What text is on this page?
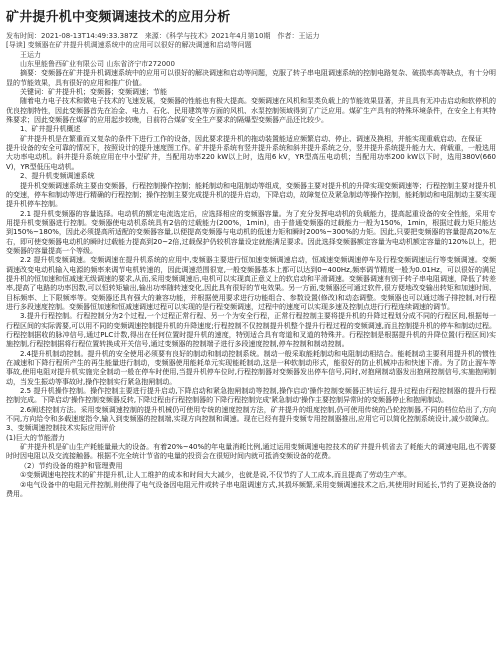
矿井提升机中变频调速技术的应用分析

发布时间：2021-08-13T14:49:33.387Z　来源：《科学与技术》2021年4月第10期　作者：王运力

[导读] 变频器在矿井提升机调速系统中的应用可以很好的解决调速和启动等问题

王运力

山东里能鲁西矿业有限公司 山东省济宁市272000

摘要：变频器在矿井提升机调速系统中的应用可以很好的解决调速和启动等问题，克服了转子串电阻调速系统的控制电路复杂、破损率高等缺点，有十分明显的节能效果，具有很好的应用和推广价值。

关键词：矿井提升机；变频器；变频调速；节能

随着电力电子技术和微电子技术的飞速发展，变频器的性能也有极大提高。变频调速在风机和泵类负载上的节能效果显著，并且具有无冲击启动和软停机的优良控制特性，因此变频器首先在冶金、电力、石化、民用建筑等方面的风机、水泵控制领域得到了广泛应用。煤矿生产具有的特殊环境条件，在安全上有其特殊要求；因此变频器在煤矿的应用起步较晚，目前符合煤矿安全生产要求的隔爆型变频器产品还比较少。

1、矿井提升机概述

矿井提升机是在繁重而又复杂的条件下进行工作的设备，因此要求提升机的拖动装置能适应频繁启动、停止、调速及换相，并能实现重载启动、在保证

提升设备的安全可靠的情况下，按照设计的提升速度图工作。矿井提升系统有竖井提升系统和斜井提升系统之分，竖井提升系统提升能力大、荷载重，一般选用大功率电动机。斜井提升系统应用在中小型矿井，当配用功率220 kW以上时，选用6 kV，YR型高压电动机；当配用功率200 kW以下时，选用380V(660 V)，YR型低压电动机。

2、提升机变频调速系统

提升机变频调速系统主要由变频器，行程控制操作控制；能耗制动和电阻制动等组成，变频器主要对提升机的升降实现变频调速等；行程控制主要对提升机的变速，停车和制动等进行精确的行程控制；操作控制主要完成提升机的提升启动，下降启动，故障复位及紧急制动等操作控制，能耗制动和电阻制动主要实现提升机停车控制。

2.1 提升机变频器的容量选择。电动机的额定电流选定后，应选择相应的变频器容量。为了充分发挥电动机的负载能力，提高起重设备的安全性能，采用专用提升机变频器进行控制。变频器使电动机系统具有2倍的过载能力(200%，1min)，由于普通变频器的过载能力一般为150%，1min，根据过载力矩只能达到150%~180%，因此必须提高所适配的变频器容量,以便提高变频器与电动机的低速力矩和瞬时200%~300%的力矩。因此,只要把变频器的容量提高20%左右，即可使变频器电动机的瞬时过载能力提高到20~2倍,过载保护仍较机容量设定就能满足要求。因此选择变频器额定容量为电动机额定容量的120%以上，把变频器的容量提高一个等级。

2.2 提升机变频调速。变频调速在提升机系统的应用中,变频器主要进行恒加速变频调速启动，恒减速变频调速停车及行程变频调速运行等变频调速。变频调速改变电动机输入电源的频率来调节电机转速的，因此调速范围很宽,一般变频器基本上都可以达到0~400Hz,频率调节精度一般为0.01Hz，可以很好的满足提升机的恒加速和恒减速无级调速的要求,从而,采用变频调速后,电机可以实现真正意义上的软启动和平滑调速。变频器调速有别于转子串电阻调速，降低了转差率,提高了电路的功率因数,可以恒转矩输出,输出功率随转速变化,因此具有很好的节电效果。另一方面,变频器还可通过软件,很方便地改变输出转矩和加速时间、目标频率、上下限频率等。变频器还具有强大的兼容功能，并根据使用要求进行功能组合、参数设置(修改)和动态调整。变频器也可以通过端子排控制,对行程进行多段速度控制。变频器恒加速和恒减速调速过程可以实现的是行程变频调速，过程中的速度可以实现多速及控制点进行行程连续调速的调节。

3.提升行程控制。行程控制分为2个过程,一个过程正常行程、另一个为安全行程，正常行程控制主要将提升机的升降过程划分成不同的行程区间,根据每一行程区间的实际需要,可以用不同的变频调速控制提升机的升降速度;行程控制不仅控制提升机整个提升行程过程的变频调速,而且控制提升机的停车和制动过程。行程控制据收的脉冲信号,通过PLC计数,得出在任何位置时提升机的速度，特别适合具有弯道和叉道的特殊并。行程控制是根据提升机的升降位置(行程区间)实施控制,行程控制据将行程位置转换成开关信号,通过变频器的控制端子进行多段速度控制,停车控制和制动控制。

2.4提升机制动控制。提升机的安全使用必须要有良好的制动和制动控制系统。制动一般采取能耗制动和电阻制动相结合。能耗制动主要利用提升机的惯性在减速和下降行程所产生的再生能量进行制动，变频器使用能耗单元实现能耗制动,这是一种软制动形式，能很好的防止机械冲击和快速下滑。为了防止溜车等事故,使用电阻对提升机实施完全制动一般在停车时使用,当提升机停车位时,行程控制器对变频器发出停车信号,同时,对抱闸制动器发出抱闸控制信号,实施抱闸制动，当发生振动等事故时,操作控制实行紧急抱闸制动。

2.5 提升机操作控制。操作控制主要进行提升启动,下降启动和紧急抱闸制动等控制,操作启动'操作控制变频器正转运行,提升过程由行程控制器的提升行程控制完成。下降启动'操作控制变频器反转,下降过程由行程控制器的下降行程控制完成'紧急制动'操作主要控制异常时的变频器停止和抱闸制动。

2.6阐述控制方法。采用变频调速控制的提升机械仍可使用专统的速度控制方法，矿井提升的组度控制,仍可使用传统的凸轮控制器,不同的档位给出了,方向不同,方向给令和多载速度指令,输入到变频器的控制端,实现方向控制和调速。现在已经有提升变频专用控制器推出,应用它可以简化控制系统设计,减少故障点。

3、变频调速控制技术实际应用评价

(1)巨大的节能潜力

矿井提升机是矿山生产耗能量最大的设备。有着20%~40%的年电量消耗比例,通过运用变频调速电控技术的矿井提升机省去了耗能大的调速电阻,也不需要时时因电阻以及交流接触器。根据不完全统计节省的电量的投资会在很短时间内就可抵消变频设备的花费。

（2）节约设备的维护和管理费用

①变频调速电控技术的矿井提升机,让人工维护的成本和时间大大减少，也就是说,不仅节约了人工成本,而且提高了劳动生产率。

②电气设备中的电阻元件控制,则使得了电气设备因电阻元件或转子串电阻调速方式,其损坏频繁,采用变频调速技术之后,其使用时间延长,节约了更换设备的费用。
